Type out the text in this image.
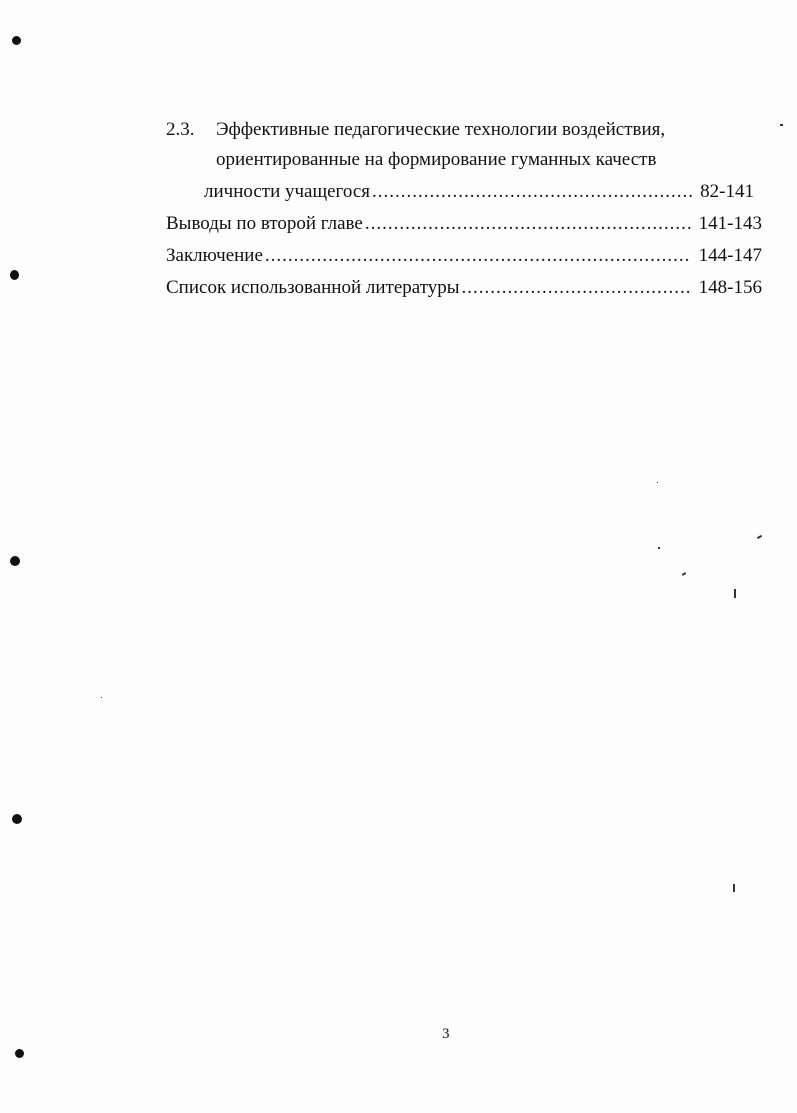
2.3. Эффективные педагогические технологии воздействия,
ориентированные на формирование гуманных качеств
личности учащегося .....	82-141
Выводы по второй главе .....	141-143
Заключение .....	144-147
Список использованной литературы .....	148-156
3
